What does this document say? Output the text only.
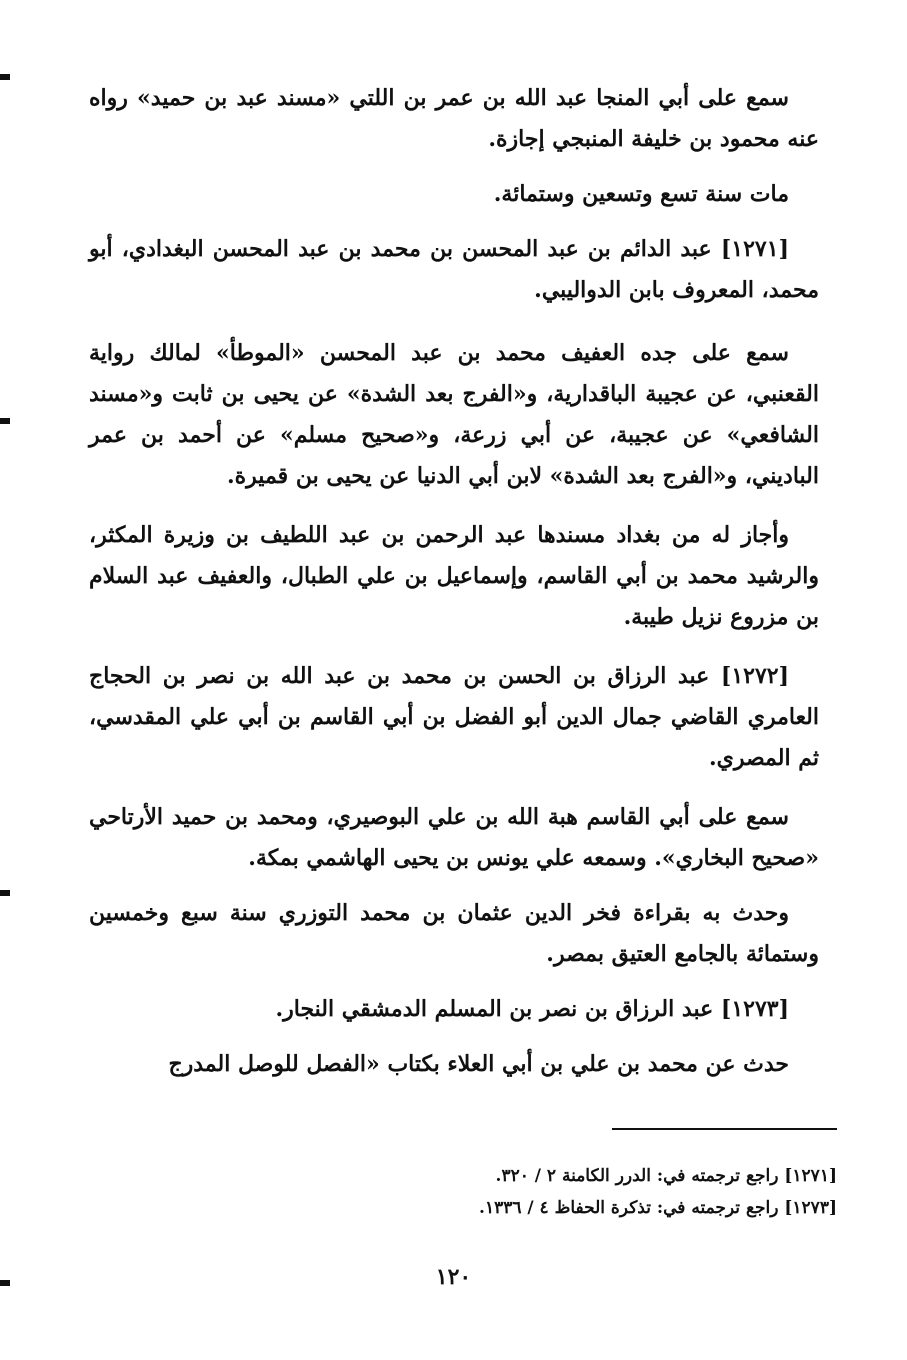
سمع على أبي المنجا عبد الله بن عمر بن اللتي «مسند عبد بن حميد» رواه عنه محمود بن خليفة المنبجي إجازة.

مات سنة تسع وتسعين وستمائة.

[١٢٧١] عبد الدائم بن عبد المحسن بن محمد بن عبد المحسن البغدادي، أبو محمد، المعروف بابن الدواليبي.

سمع على جده العفيف محمد بن عبد المحسن «الموطأ» لمالك رواية القعنبي، عن عجيبة الباقدارية، و«الفرج بعد الشدة» عن يحيى بن ثابت و«مسند الشافعي» عن عجيبة، عن أبي زرعة، و«صحيح مسلم» عن أحمد بن عمر الباديني، و«الفرج بعد الشدة» لابن أبي الدنيا عن يحيى بن قميرة.

وأجاز له من بغداد مسندها عبد الرحمن بن عبد اللطيف بن وزيرة المكثر، والرشيد محمد بن أبي القاسم، وإسماعيل بن علي الطبال، والعفيف عبد السلام بن مزروع نزيل طيبة.

[١٢٧٢] عبد الرزاق بن الحسن بن محمد بن عبد الله بن نصر بن الحجاج العامري القاضي جمال الدين أبو الفضل بن أبي القاسم بن أبي علي المقدسي، ثم المصري.

سمع على أبي القاسم هبة الله بن علي البوصيري، ومحمد بن حميد الأرتاحي «صحيح البخاري». وسمعه علي يونس بن يحيى الهاشمي بمكة.

وحدث به بقراءة فخر الدين عثمان بن محمد التوزري سنة سبع وخمسين وستمائة بالجامع العتيق بمصر.

[١٢٧٣] عبد الرزاق بن نصر بن المسلم الدمشقي النجار.

حدث عن محمد بن علي بن أبي العلاء بكتاب «الفصل للوصل المدرج

[١٢٧١] راجع ترجمته في: الدرر الكامنة ٢ / ٣٢٠.

[١٢٧٣] راجع ترجمته في: تذكرة الحفاظ ٤ / ١٣٣٦.

١٢٠
